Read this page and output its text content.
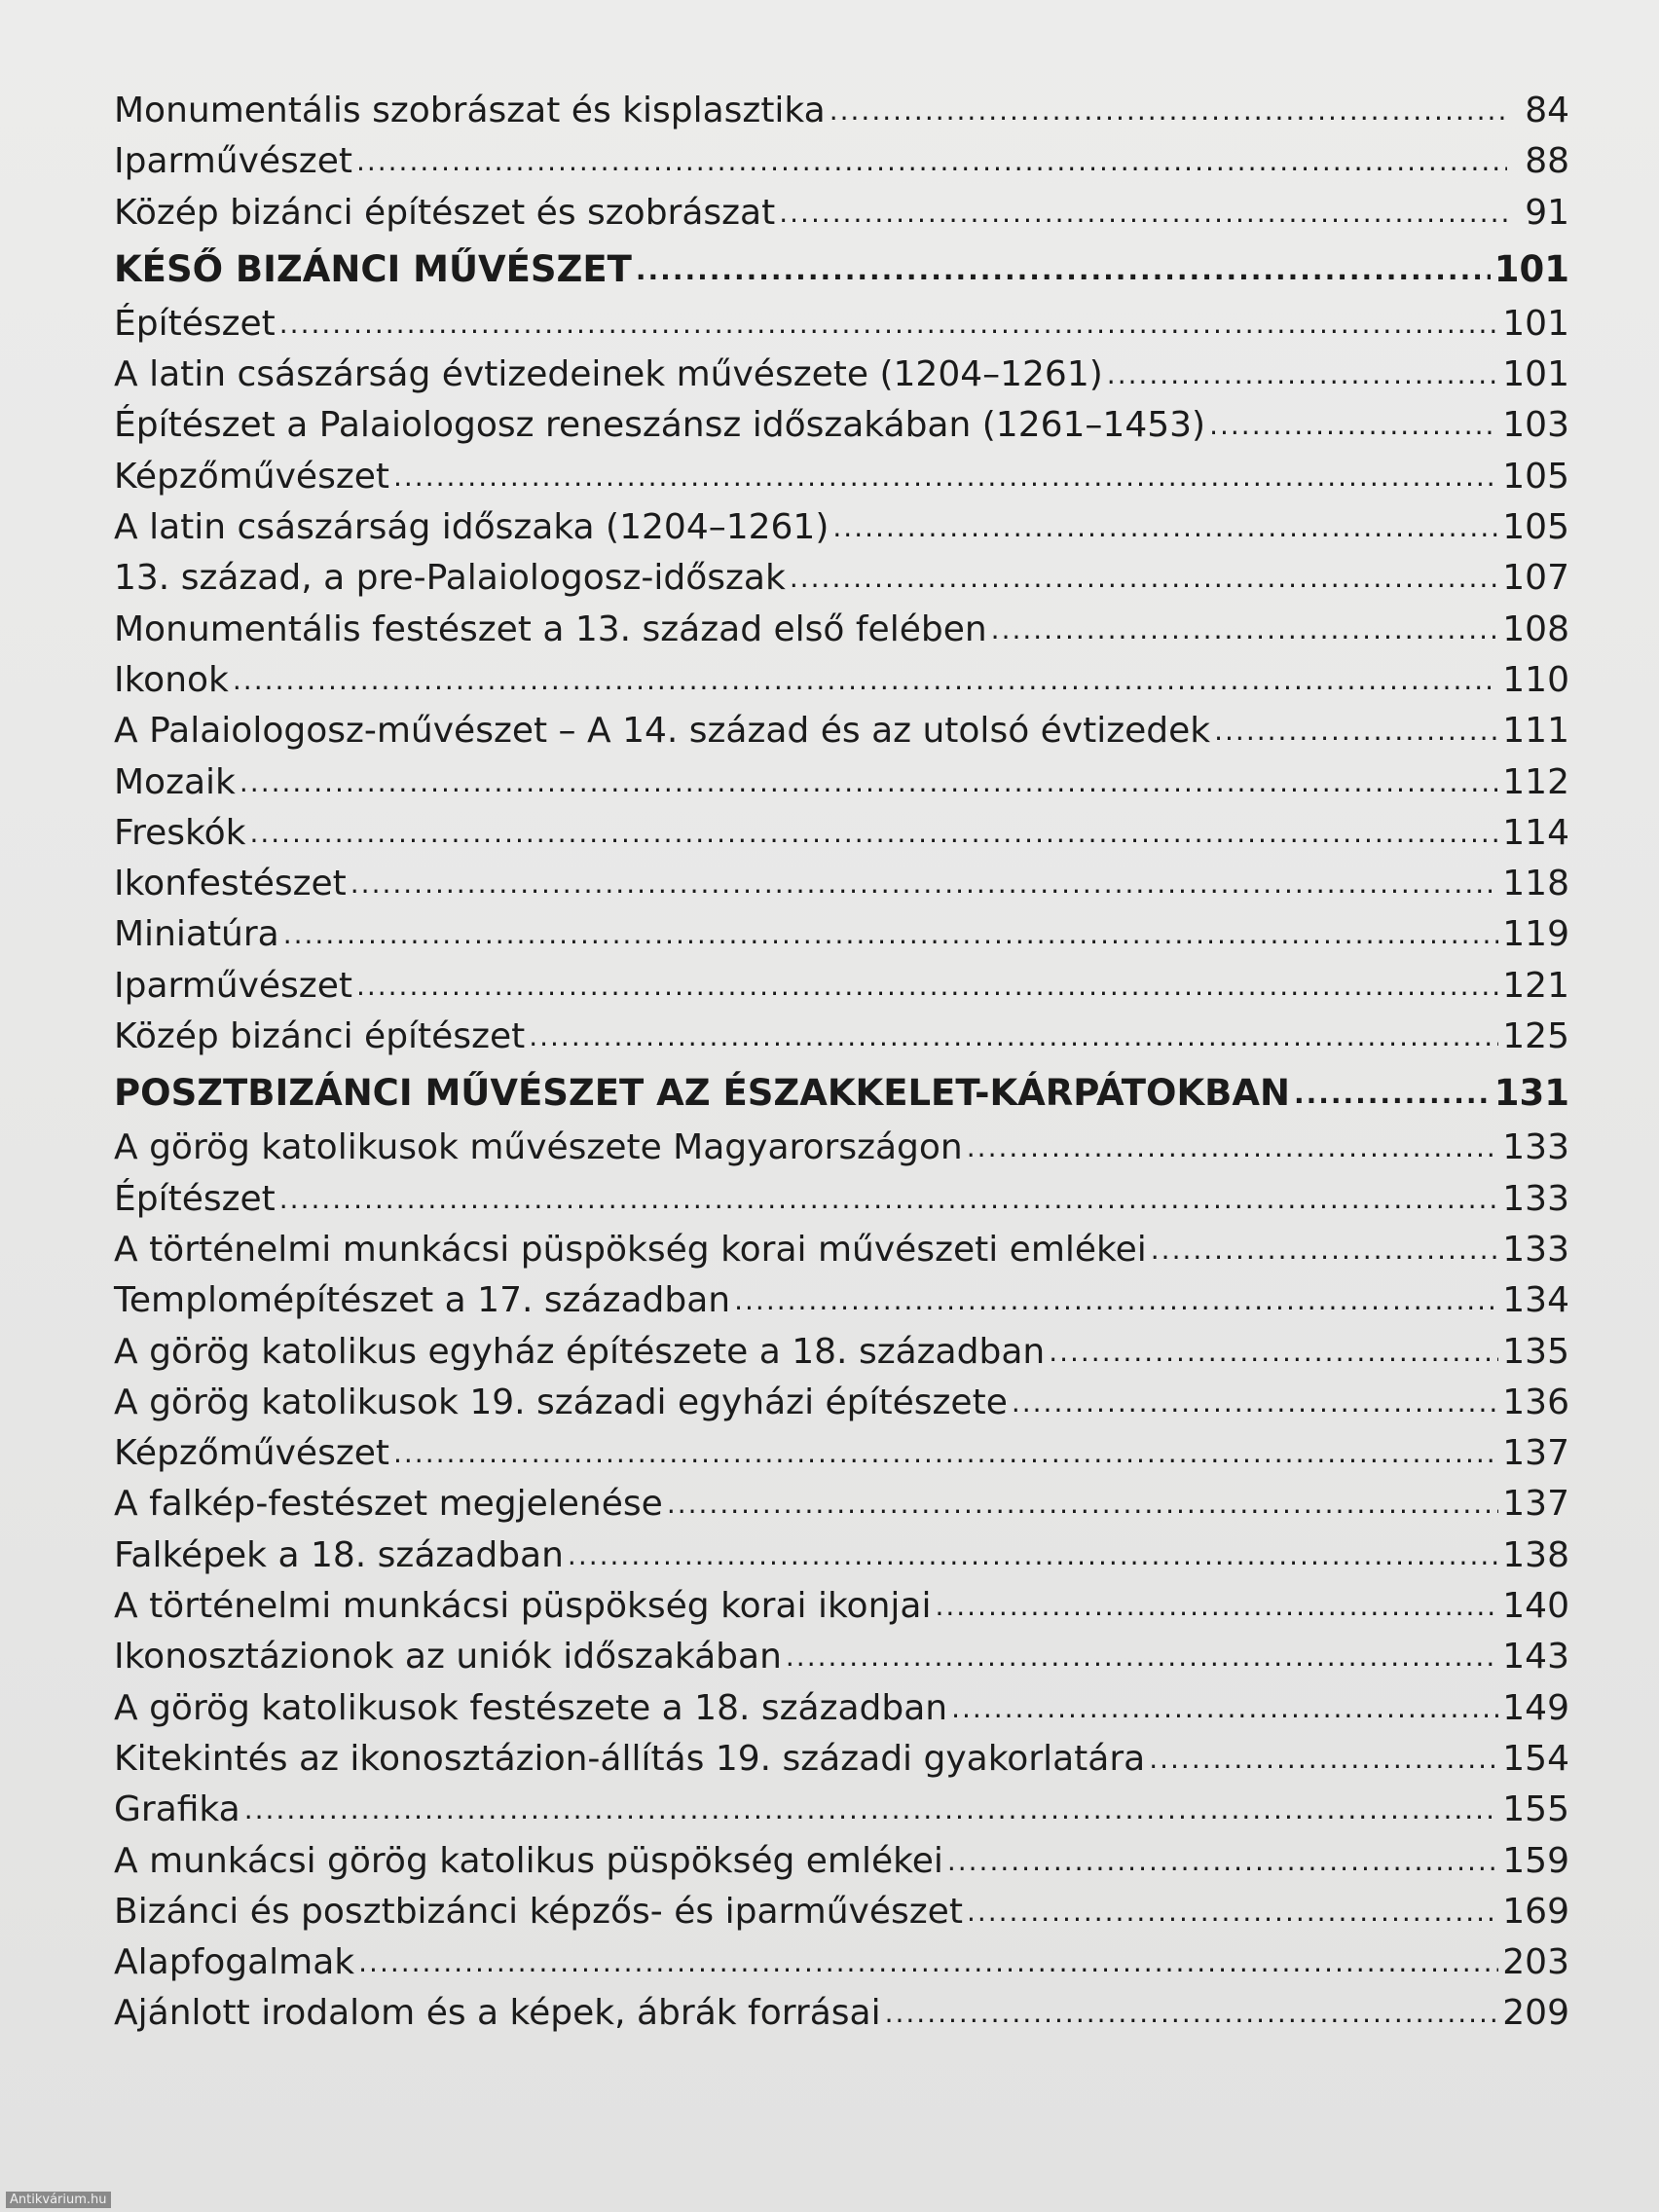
Monumentális szobrászat és kisplasztika .....	84
Iparművészet .....	88
Közép bizánci építészet és szobrászat .....	91
KÉSŐ BIZÁNCI MŰVÉSZET .....	101
Építészet .....	101
A latin császárság évtizedeinek művészete (1204–1261) .....	101
Építészet a Palaiologosz reneszánsz időszakában (1261–1453) .....	103
Képzőművészet .....	105
A latin császárság időszaka (1204–1261) .....	105
13. század, a pre-Palaiologosz-időszak .....	107
Monumentális festészet a 13. század első felében .....	108
Ikonok .....	110
A Palaiologosz-művészet – A 14. század és az utolsó évtizedek .....	111
Mozaik .....	112
Freskók .....	114
Ikonfestészet .....	118
Miniatúra .....	119
Iparművészet .....	121
Közép bizánci építészet .....	125
POSZTBIZÁNCI MŰVÉSZET AZ ÉSZAKKELET-KÁRPÁTOKBAN .....	131
A görög katolikusok művészete Magyarországon .....	133
Építészet .....	133
A történelmi munkácsi püspökség korai művészeti emlékei .....	133
Templomépítészet a 17. században .....	134
A görög katolikus egyház építészete a 18. században .....	135
A görög katolikusok 19. századi egyházi építészete .....	136
Képzőművészet .....	137
A falkép-festészet megjelenése .....	137
Falképek a 18. században .....	138
A történelmi munkácsi püspökség korai ikonjai .....	140
Ikonosztázionok az uniók időszakában .....	143
A görög katolikusok festészete a 18. században .....	149
Kitekintés az ikonosztázion-állítás 19. századi gyakorlatára .....	154
Grafika .....	155
A munkácsi görög katolikus püspökség emlékei .....	159
Bizánci és posztbizánci képzős- és iparművészet .....	169
Alapfogalmak .....	203
Ajánlott irodalom és a képek, ábrák forrásai .....	209
Antikvárium.hu
